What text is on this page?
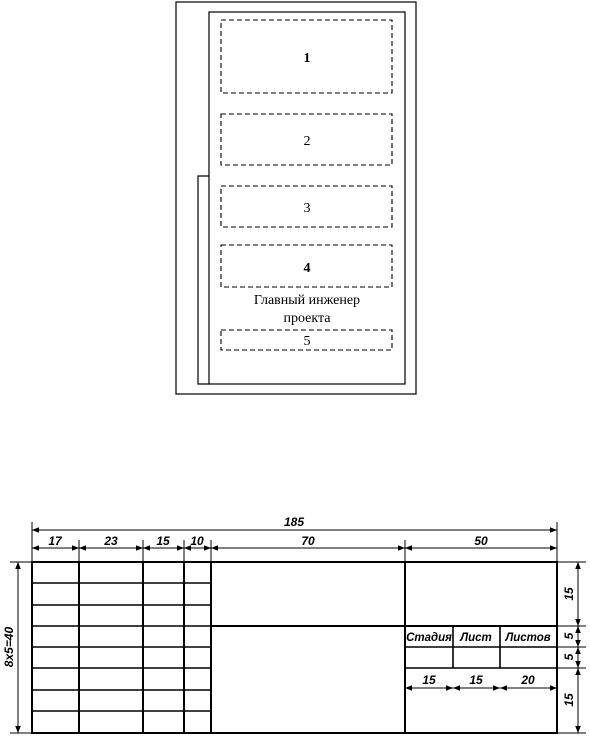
1
2
3
4
Главный инженер
проекта
5
185
17	23	15 10	70	50
8x5=40
15
5
5
15
15	15	20
Стадия Лист Листов
